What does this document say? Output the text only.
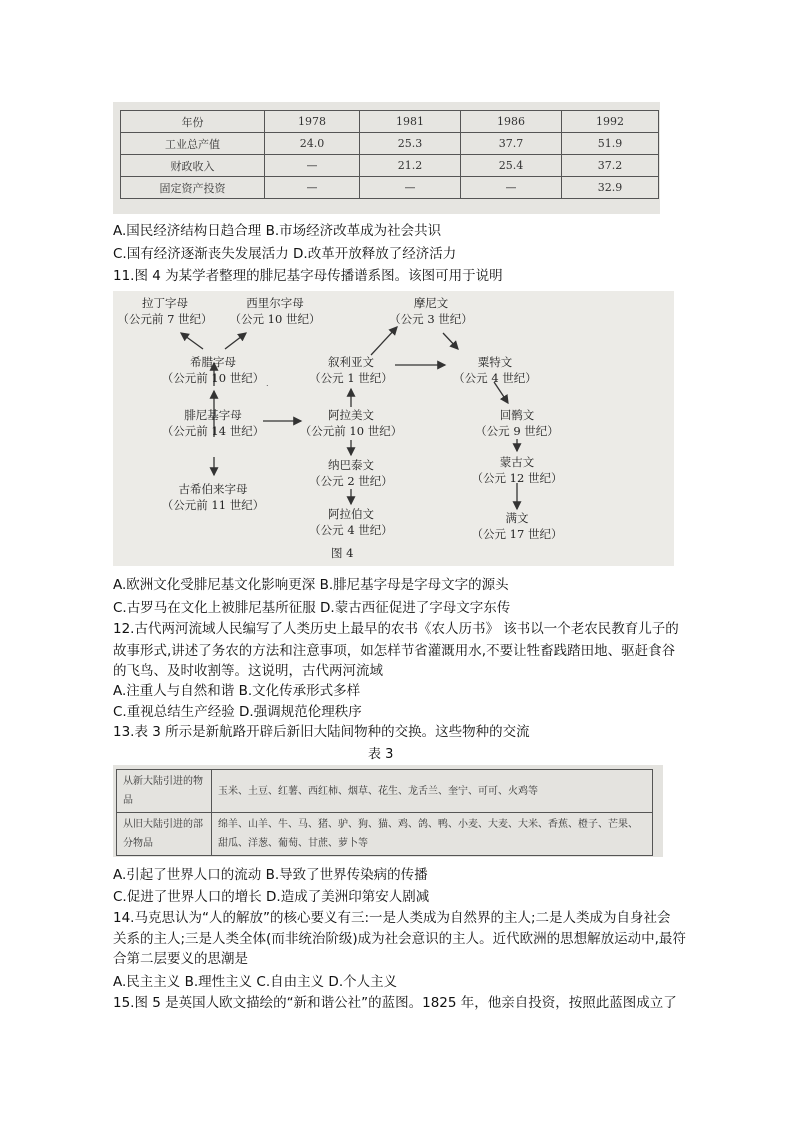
年份	1978	1981	1986	1992
工业总产值	24.0	25.3	37.7	51.9
财政收入	—	21.2	25.4	37.2
固定资产投资	—	—	—	32.9
A.国民经济结构日趋合理 B.市场经济改革成为社会共识
C.国有经济逐渐丧失发展活力 D.改革开放释放了经济活力
11.图 4 为某学者整理的腓尼基字母传播谱系图。该图可用于说明
.
拉丁字母
（公元前 7 世纪）
西里尔字母
（公元 10 世纪）
希腊字母
（公元前 10 世纪）
腓尼基字母
（公元前 14 世纪）
古希伯来字母
（公元前 11 世纪）
摩尼文
（公元 3 世纪）
叙利亚文
（公元 1 世纪）
粟特文
（公元 4 世纪）
阿拉美文
（公元前 10 世纪）
回鹘文
（公元 9 世纪）
纳巴泰文
（公元 2 世纪）
蒙古文
（公元 12 世纪）
阿拉伯文
（公元 4 世纪）
满文
（公元 17 世纪）
图 4
A.欧洲文化受腓尼基文化影响更深 B.腓尼基字母是字母文字的源头
C.古罗马在文化上被腓尼基所征服 D.蒙古西征促进了字母文字东传
12.古代两河流域人民编写了人类历史上最早的农书《农人历书》 该书以一个老农民教育儿子的
故事形式,讲述了务农的方法和注意事项，如怎样节省灌溉用水,不要让牲畜践踏田地、驱赶食谷
的飞鸟、及时收割等。这说明，古代两河流域
A.注重人与自然和谐 B.文化传承形式多样
C.重视总结生产经验 D.强调规范伦理秩序
13.表 3 所示是新航路开辟后新旧大陆间物种的交换。这些物种的交流
表 3
从新大陆引进的物品	玉米、土豆、红薯、西红柿、烟草、花生、龙舌兰、奎宁、可可、火鸡等
从旧大陆引进的部分物品	绵羊、山羊、牛、马、猪、驴、狗、猫、鸡、鸽、鸭、小麦、大麦、大米、香蕉、橙子、芒果、甜瓜、洋葱、葡萄、甘蔗、萝卜等
A.引起了世界人口的流动 B.导致了世界传染病的传播
C.促进了世界人口的增长 D.造成了美洲印第安人剧减
14.马克思认为“人的解放”的核心要义有三:一是人类成为自然界的主人;二是人类成为自身社会
关系的主人;三是人类全体(而非统治阶级)成为社会意识的主人。近代欧洲的思想解放运动中,最符
合第二层要义的思潮是
A.民主主义 B.理性主义 C.自由主义 D.个人主义
15.图 5 是英国人欧文描绘的“新和谐公社”的蓝图。1825 年，他亲自投资，按照此蓝图成立了
